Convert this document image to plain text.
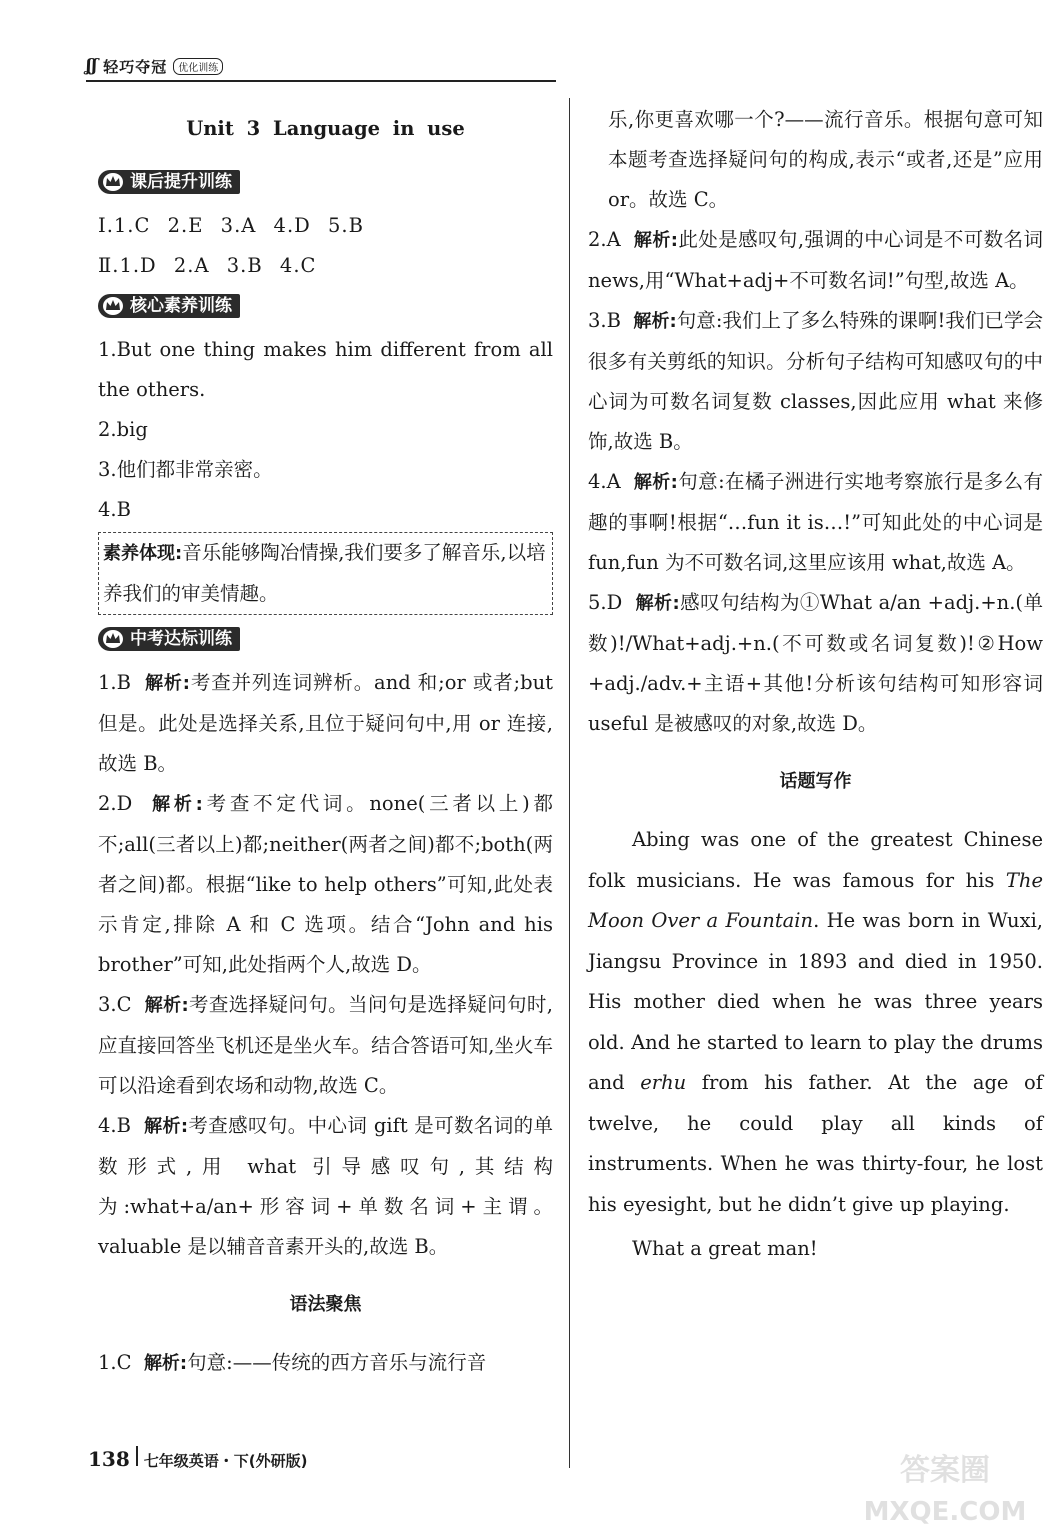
ʆʃ 轻巧夺冠	优化训练
Unit 3 Language in use
课后提升训练
Ⅰ.1.C 2.E 3.A 4.D 5.B
Ⅱ.1.D 2.A 3.B 4.C
核心素养训练
1.But one thing makes him different from all the others.
2.big
3.他们都非常亲密。
4.B
素养体现:音乐能够陶冶情操,我们要多了解音乐,以培养我们的审美情趣。
中考达标训练
1.B 解析:考查并列连词辨析。and 和;or 或者;but 但是。此处是选择关系,且位于疑问句中,用 or 连接,故选 B。
2.D 解析:考查不定代词。none(三者以上)都不;all(三者以上)都;neither(两者之间)都不;both(两者之间)都。根据“like to help others”可知,此处表示肯定,排除 A 和 C 选项。结合“John and his brother”可知,此处指两个人,故选 D。
3.C 解析:考查选择疑问句。当问句是选择疑问句时,应直接回答坐飞机还是坐火车。结合答语可知,坐火车可以沿途看到农场和动物,故选 C。
4.B 解析:考查感叹句。中心词 gift 是可数名词的单数形式,用 what 引导感叹句,其结构为:what+a/an+形容词+单数名词+主谓。valuable 是以辅音音素开头的,故选 B。
语法聚焦
1.C 解析:句意:——传统的西方音乐与流行音
乐,你更喜欢哪一个?——流行音乐。根据句意可知本题考查选择疑问句的构成,表示“或者,还是”应用 or。故选 C。
2.A 解析:此处是感叹句,强调的中心词是不可数名词 news,用“What+adj+不可数名词!”句型,故选 A。
3.B 解析:句意:我们上了多么特殊的课啊!我们已学会很多有关剪纸的知识。分析句子结构可知感叹句的中心词为可数名词复数 classes,因此应用 what 来修饰,故选 B。
4.A 解析:句意:在橘子洲进行实地考察旅行是多么有趣的事啊!根据“…fun it is…!”可知此处的中心词是 fun,fun 为不可数名词,这里应该用 what,故选 A。
5.D 解析:感叹句结构为①What a/an +adj.+n.(单数)!/What+adj.+n.(不可数或名词复数)!②How +adj./adv.+主语+其他!分析该句结构可知形容词 useful 是被感叹的对象,故选 D。
话题写作

Abing was one of the greatest Chinese folk musicians. He was famous for his The Moon Over a Fountain. He was born in Wuxi, Jiangsu Province in 1893 and died in 1950. His mother died when he was three years old. And he started to learn to play the drums and erhu from his father. At the age of twelve, he could play all kinds of instruments. When he was thirty-four, he lost his eyesight, but he didn’t give up playing.

What a great man!

138 七年级英语・下(外研版)	答案圈
MXQE.COM
